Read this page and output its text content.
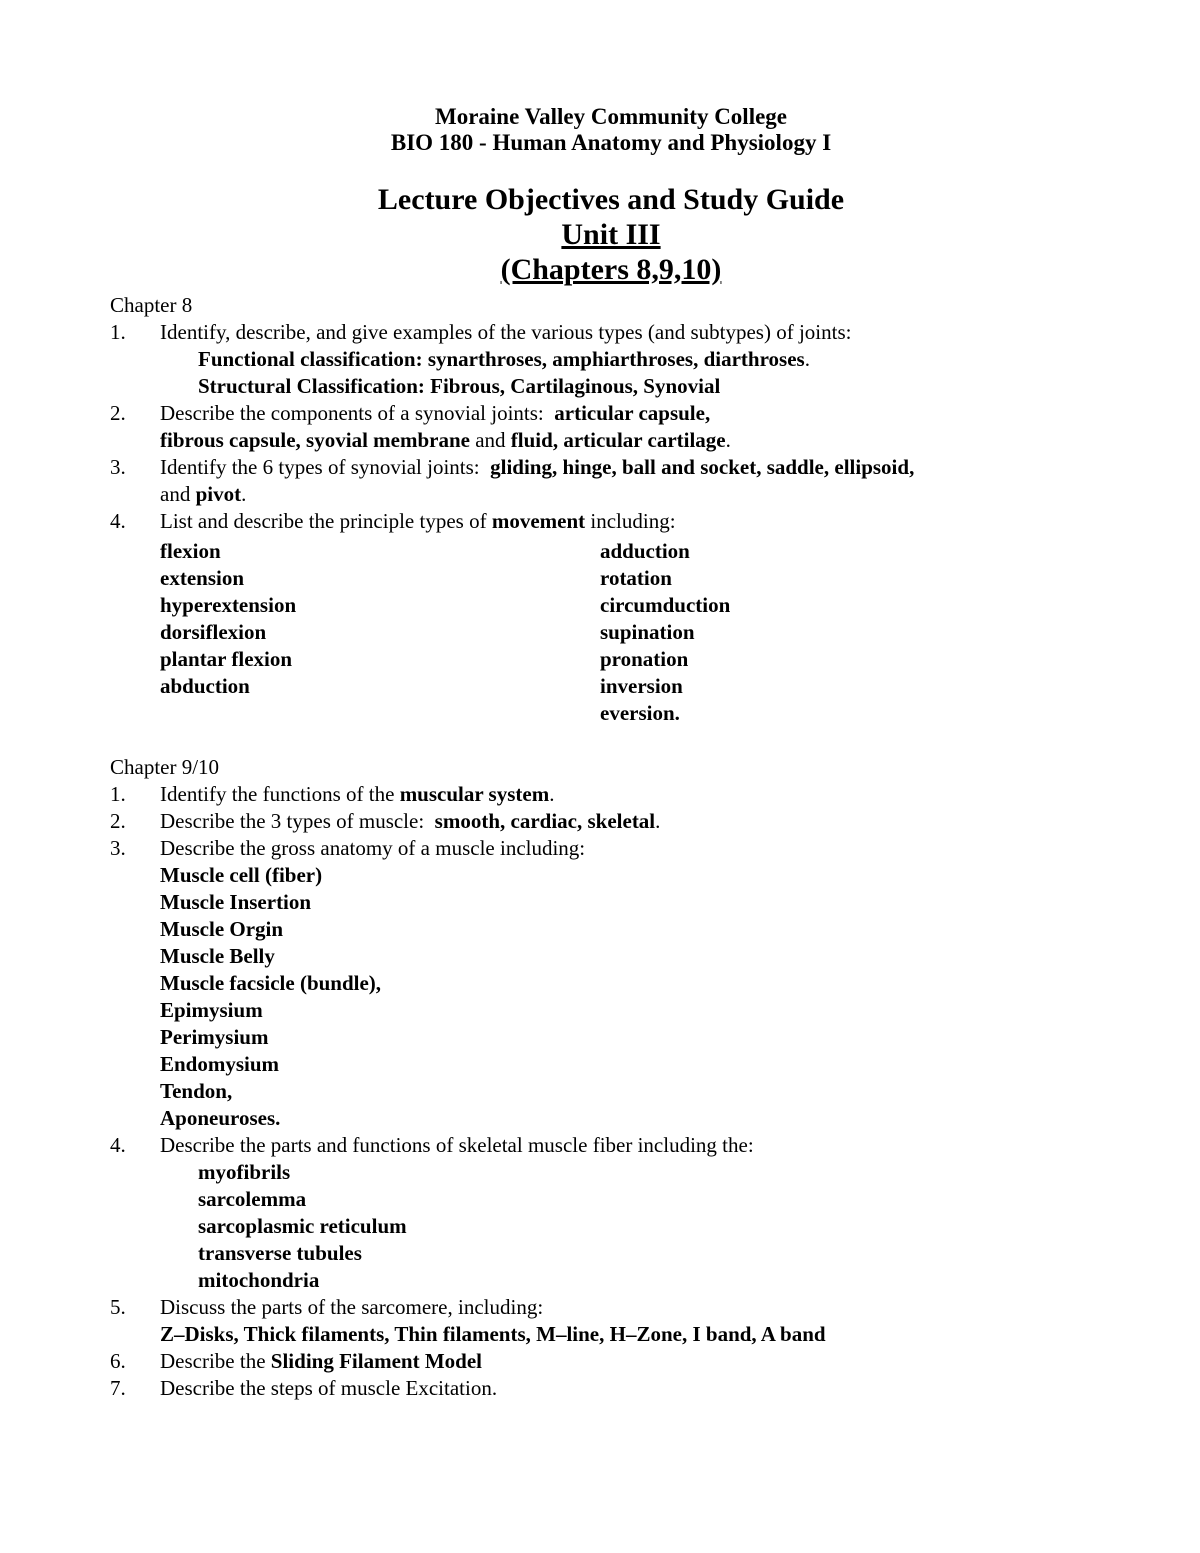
Moraine Valley Community College
BIO 180 - Human Anatomy and Physiology I
Lecture Objectives and Study Guide
Unit III
(Chapters 8,9,10)
Chapter 8
1.	Identify, describe, and give examples of the various types (and subtypes) of joints:
Functional classification: synarthroses, amphiarthroses, diarthroses.
Structural Classification: Fibrous, Cartilaginous, Synovial
2.	Describe the components of a synovial joints:  articular capsule,
fibrous capsule, syovial membrane and fluid, articular cartilage.
3.	Identify the 6 types of synovial joints:  gliding, hinge, ball and socket, saddle, ellipsoid,
and pivot.
4.	List and describe the principle types of movement including:
flexion
extension
hyperextension
dorsiflexion
plantar flexion
abduction
adduction
rotation
circumduction
supination
pronation
inversion
eversion.
Chapter 9/10
1.	Identify the functions of the muscular system.
2.	Describe the 3 types of muscle:  smooth, cardiac, skeletal.
3.	Describe the gross anatomy of a muscle including:
Muscle cell (fiber)
Muscle Insertion
Muscle Orgin
Muscle Belly
Muscle facsicle (bundle),
Epimysium
Perimysium
Endomysium
Tendon,
Aponeuroses.
4.	Describe the parts and functions of skeletal muscle fiber including the:
myofibrils
sarcolemma
sarcoplasmic reticulum
transverse tubules
mitochondria
5.	Discuss the parts of the sarcomere, including:
Z–Disks, Thick filaments, Thin filaments, M–line, H–Zone, I band, A band
6.	Describe the Sliding Filament Model
7.	Describe the steps of muscle Excitation.
